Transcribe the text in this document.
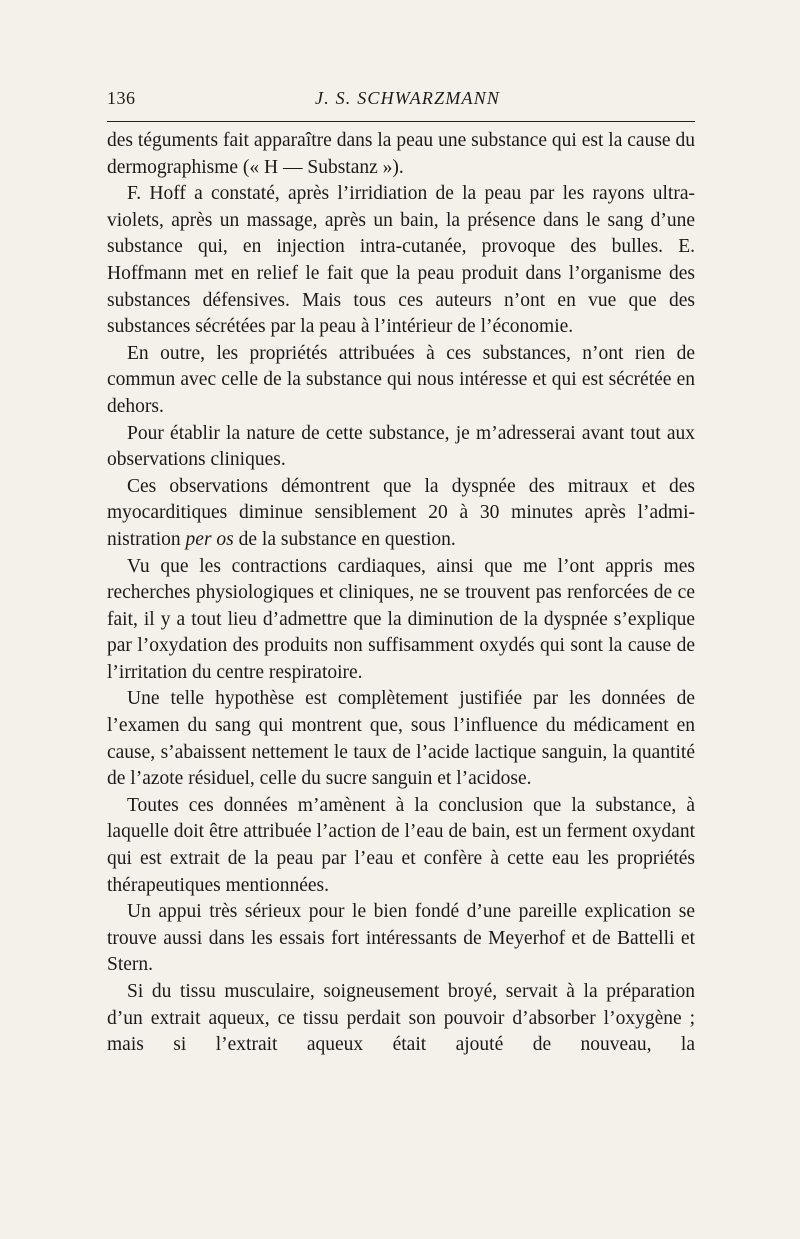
136	J. S. SCHWARZMANN

des téguments fait apparaître dans la peau une substance qui est la cause du dermographisme (« H — Substanz »).

F. Hoff a constaté, après l’irridiation de la peau par les rayons ultra-violets, après un massage, après un bain, la présence dans le sang d’une substance qui, en injection intra-cutanée, provoque des bulles. E. Hoffmann met en relief le fait que la peau produit dans l’organisme des substances défensives. Mais tous ces auteurs n’ont en vue que des substances sécrétées par la peau à l’intérieur de l’économie.

En outre, les propriétés attribuées à ces substances, n’ont rien de commun avec celle de la substance qui nous intéresse et qui est sécrétée en dehors.

Pour établir la nature de cette substance, je m’adresserai avant tout aux observations cliniques.

Ces observations démontrent que la dyspnée des mitraux et des myocarditiques diminue sensiblement 20 à 30 minutes après l’administration per os de la substance en question.

Vu que les contractions cardiaques, ainsi que me l’ont appris mes recherches physiologiques et cliniques, ne se trouvent pas renforcées de ce fait, il y a tout lieu d’admettre que la diminution de la dyspnée s’explique par l’oxydation des produits non suffisamment oxydés qui sont la cause de l’irritation du centre respiratoire.

Une telle hypothèse est complètement justifiée par les données de l’examen du sang qui montrent que, sous l’influence du médicament en cause, s’abaissent nettement le taux de l’acide lactique sanguin, la quantité de l’azote résiduel, celle du sucre sanguin et l’acidose.

Toutes ces données m’amènent à la conclusion que la substance, à laquelle doit être attribuée l’action de l’eau de bain, est un ferment oxydant qui est extrait de la peau par l’eau et confère à cette eau les propriétés thérapeutiques mentionnées.

Un appui très sérieux pour le bien fondé d’une pareille explication se trouve aussi dans les essais fort intéressants de Meyerhof et de Battelli et Stern.

Si du tissu musculaire, soigneusement broyé, servait à la préparation d’un extrait aqueux, ce tissu perdait son pouvoir d’absorber l’oxygène ; mais si l’extrait aqueux était ajouté de nouveau, la
